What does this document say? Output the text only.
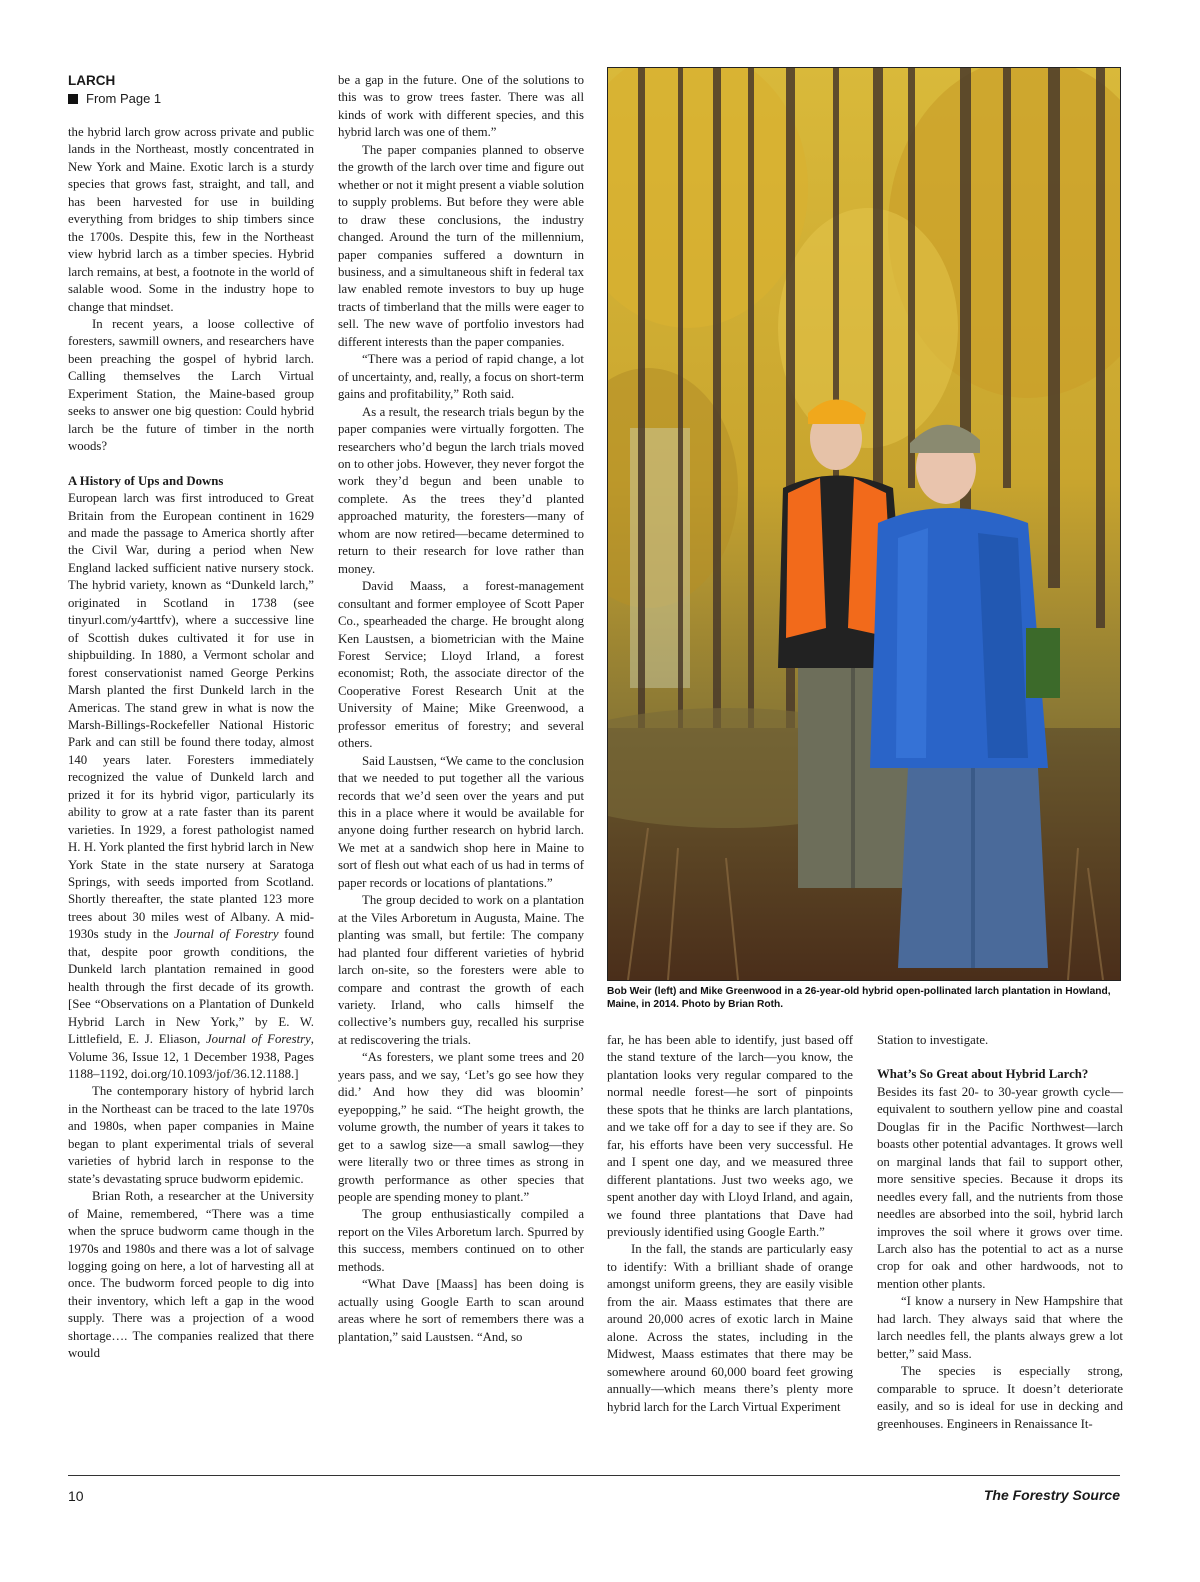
LARCH
From Page 1

the hybrid larch grow across private and public lands in the Northeast, mostly concentrated in New York and Maine. Exotic larch is a sturdy species that grows fast, straight, and tall, and has been harvested for use in building everything from bridges to ship timbers since the 1700s. Despite this, few in the Northeast view hybrid larch as a timber species. Hybrid larch remains, at best, a footnote in the world of salable wood. Some in the industry hope to change that mindset.

In recent years, a loose collective of foresters, sawmill owners, and researchers have been preaching the gospel of hybrid larch. Calling themselves the Larch Virtual Experiment Station, the Maine-based group seeks to answer one big question: Could hybrid larch be the future of timber in the north woods?

A History of Ups and Downs

European larch was first introduced to Great Britain from the European continent in 1629 and made the passage to America shortly after the Civil War, during a period when New England lacked sufficient native nursery stock. The hybrid variety, known as “Dunkeld larch,” originated in Scotland in 1738 (see tinyurl.com/y4arttfv), where a successive line of Scottish dukes cultivated it for use in shipbuilding. In 1880, a Vermont scholar and forest conservationist named George Perkins Marsh planted the first Dunkeld larch in the Americas. The stand grew in what is now the Marsh-Billings-Rockefeller National Historic Park and can still be found there today, almost 140 years later. Foresters immediately recognized the value of Dunkeld larch and prized it for its hybrid vigor, particularly its ability to grow at a rate faster than its parent varieties. In 1929, a forest pathologist named H. H. York planted the first hybrid larch in New York State in the state nursery at Saratoga Springs, with seeds imported from Scotland. Shortly thereafter, the state planted 123 more trees about 30 miles west of Albany. A mid-1930s study in the Journal of Forestry found that, despite poor growth conditions, the Dunkeld larch plantation remained in good health through the first decade of its growth. [See “Observations on a Plantation of Dunkeld Hybrid Larch in New York,” by E. W. Littlefield, E. J. Eliason, Journal of Forestry, Volume 36, Issue 12, 1 December 1938, Pages 1188–1192, doi.org/10.1093/jof/36.12.1188.]

The contemporary history of hybrid larch in the Northeast can be traced to the late 1970s and 1980s, when paper companies in Maine began to plant experimental trials of several varieties of hybrid larch in response to the state’s devastating spruce budworm epidemic.

Brian Roth, a researcher at the University of Maine, remembered, “There was a time when the spruce budworm came though in the 1970s and 1980s and there was a lot of salvage logging going on here, a lot of harvesting all at once. The budworm forced people to dig into their inventory, which left a gap in the wood supply. There was a projection of a wood shortage…. The companies realized that there would

be a gap in the future. One of the solutions to this was to grow trees faster. There was all kinds of work with different species, and this hybrid larch was one of them.”

The paper companies planned to observe the growth of the larch over time and figure out whether or not it might present a viable solution to supply problems. But before they were able to draw these conclusions, the industry changed. Around the turn of the millennium, paper companies suffered a downturn in business, and a simultaneous shift in federal tax law enabled remote investors to buy up huge tracts of timberland that the mills were eager to sell. The new wave of portfolio investors had different interests than the paper companies.

“There was a period of rapid change, a lot of uncertainty, and, really, a focus on short-term gains and profitability,” Roth said.

As a result, the research trials begun by the paper companies were virtually forgotten. The researchers who’d begun the larch trials moved on to other jobs. However, they never forgot the work they’d begun and been unable to complete. As the trees they’d planted approached maturity, the foresters—many of whom are now retired—became determined to return to their research for love rather than money.

David Maass, a forest-management consultant and former employee of Scott Paper Co., spearheaded the charge. He brought along Ken Laustsen, a biometrician with the Maine Forest Service; Lloyd Irland, a forest economist; Roth, the associate director of the Cooperative Forest Research Unit at the University of Maine; Mike Greenwood, a professor emeritus of forestry; and several others.

Said Laustsen, “We came to the conclusion that we needed to put together all the various records that we’d seen over the years and put this in a place where it would be available for anyone doing further research on hybrid larch. We met at a sandwich shop here in Maine to sort of flesh out what each of us had in terms of paper records or locations of plantations.”

The group decided to work on a plantation at the Viles Arboretum in Augusta, Maine. The planting was small, but fertile: The company had planted four different varieties of hybrid larch on-site, so the foresters were able to compare and contrast the growth of each variety. Irland, who calls himself the collective’s numbers guy, recalled his surprise at rediscovering the trials.

“As foresters, we plant some trees and 20 years pass, and we say, ‘Let’s go see how they did.’ And how they did was bloomin’ eyepopping,” he said. “The height growth, the volume growth, the number of years it takes to get to a sawlog size—a small sawlog—they were literally two or three times as strong in growth performance as other species that people are spending money to plant.”

The group enthusiastically compiled a report on the Viles Arboretum larch. Spurred by this success, members continued on to other methods.

“What Dave [Maass] has been doing is actually using Google Earth to scan around areas where he sort of remembers there was a plantation,” said Laustsen. “And, so

Bob Weir (left) and Mike Greenwood in a 26-year-old hybrid open-pollinated larch plantation in Howland, Maine, in 2014. Photo by Brian Roth.

far, he has been able to identify, just based off the stand texture of the larch—you know, the plantation looks very regular compared to the normal needle forest—he sort of pinpoints these spots that he thinks are larch plantations, and we take off for a day to see if they are. So far, his efforts have been very successful. He and I spent one day, and we measured three different plantations. Just two weeks ago, we spent another day with Lloyd Irland, and again, we found three plantations that Dave had previously identified using Google Earth.”

In the fall, the stands are particularly easy to identify: With a brilliant shade of orange amongst uniform greens, they are easily visible from the air. Maass estimates that there are around 20,000 acres of exotic larch in Maine alone. Across the states, including in the Midwest, Maass estimates that there may be somewhere around 60,000 board feet growing annually—which means there’s plenty more hybrid larch for the Larch Virtual Experiment

Station to investigate.

What’s So Great about Hybrid Larch?

Besides its fast 20- to 30-year growth cycle—equivalent to southern yellow pine and coastal Douglas fir in the Pacific Northwest—larch boasts other potential advantages. It grows well on marginal lands that fail to support other, more sensitive species. Because it drops its needles every fall, and the nutrients from those needles are absorbed into the soil, hybrid larch improves the soil where it grows over time. Larch also has the potential to act as a nurse crop for oak and other hardwoods, not to mention other plants.

“I know a nursery in New Hampshire that had larch. They always said that where the larch needles fell, the plants always grew a lot better,” said Mass.

The species is especially strong, comparable to spruce. It doesn’t deteriorate easily, and so is ideal for use in decking and greenhouses. Engineers in Renaissance It-

10	The Forestry Source
